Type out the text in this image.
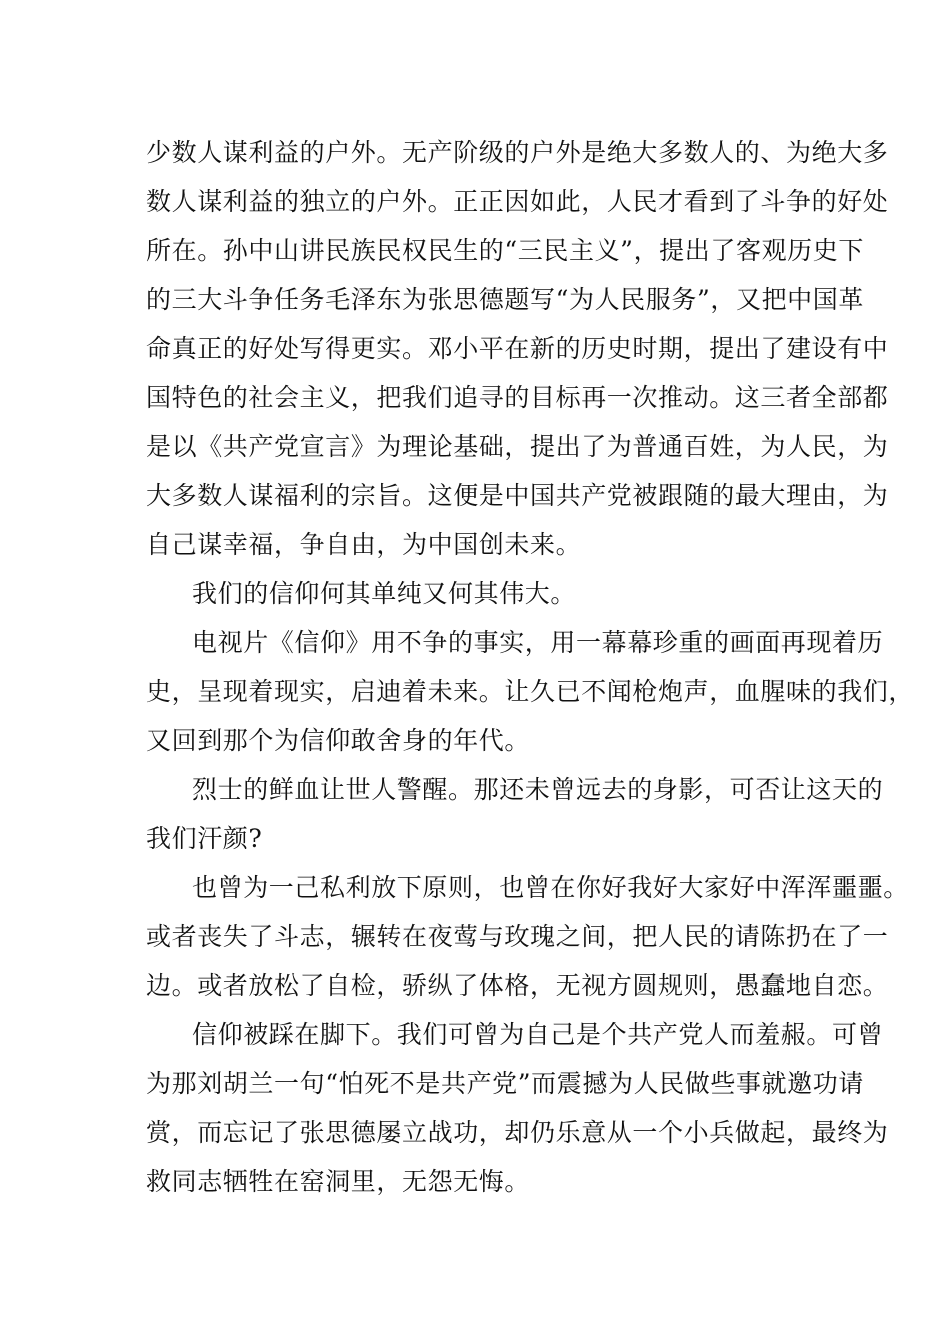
少数人谋利益的户外。无产阶级的户外是绝大多数人的、为绝大多
数人谋利益的独立的户外。正正因如此，人民才看到了斗争的好处
所在。孙中山讲民族民权民生的“三民主义”，提出了客观历史下
的三大斗争任务毛泽东为张思德题写“为人民服务”，又把中国革
命真正的好处写得更实。邓小平在新的历史时期，提出了建设有中
国特色的社会主义，把我们追寻的目标再一次推动。这三者全部都
是以《共产党宣言》为理论基础，提出了为普通百姓，为人民，为
大多数人谋福利的宗旨。这便是中国共产党被跟随的最大理由，为
自己谋幸福，争自由，为中国创未来。
我们的信仰何其单纯又何其伟大。
电视片《信仰》用不争的事实，用一幕幕珍重的画面再现着历
史，呈现着现实，启迪着未来。让久已不闻枪炮声，血腥味的我们，
又回到那个为信仰敢舍身的年代。
烈士的鲜血让世人警醒。那还未曾远去的身影，可否让这天的
我们汗颜?
也曾为一己私利放下原则，也曾在你好我好大家好中浑浑噩噩。
或者丧失了斗志，辗转在夜莺与玫瑰之间，把人民的请陈扔在了一
边。或者放松了自检，骄纵了体格，无视方圆规则，愚蠢地自恋。
信仰被踩在脚下。我们可曾为自己是个共产党人而羞赧。可曾
为那刘胡兰一句“怕死不是共产党”而震撼为人民做些事就邀功请
赏，而忘记了张思德屡立战功，却仍乐意从一个小兵做起，最终为
救同志牺牲在窑洞里，无怨无悔。
